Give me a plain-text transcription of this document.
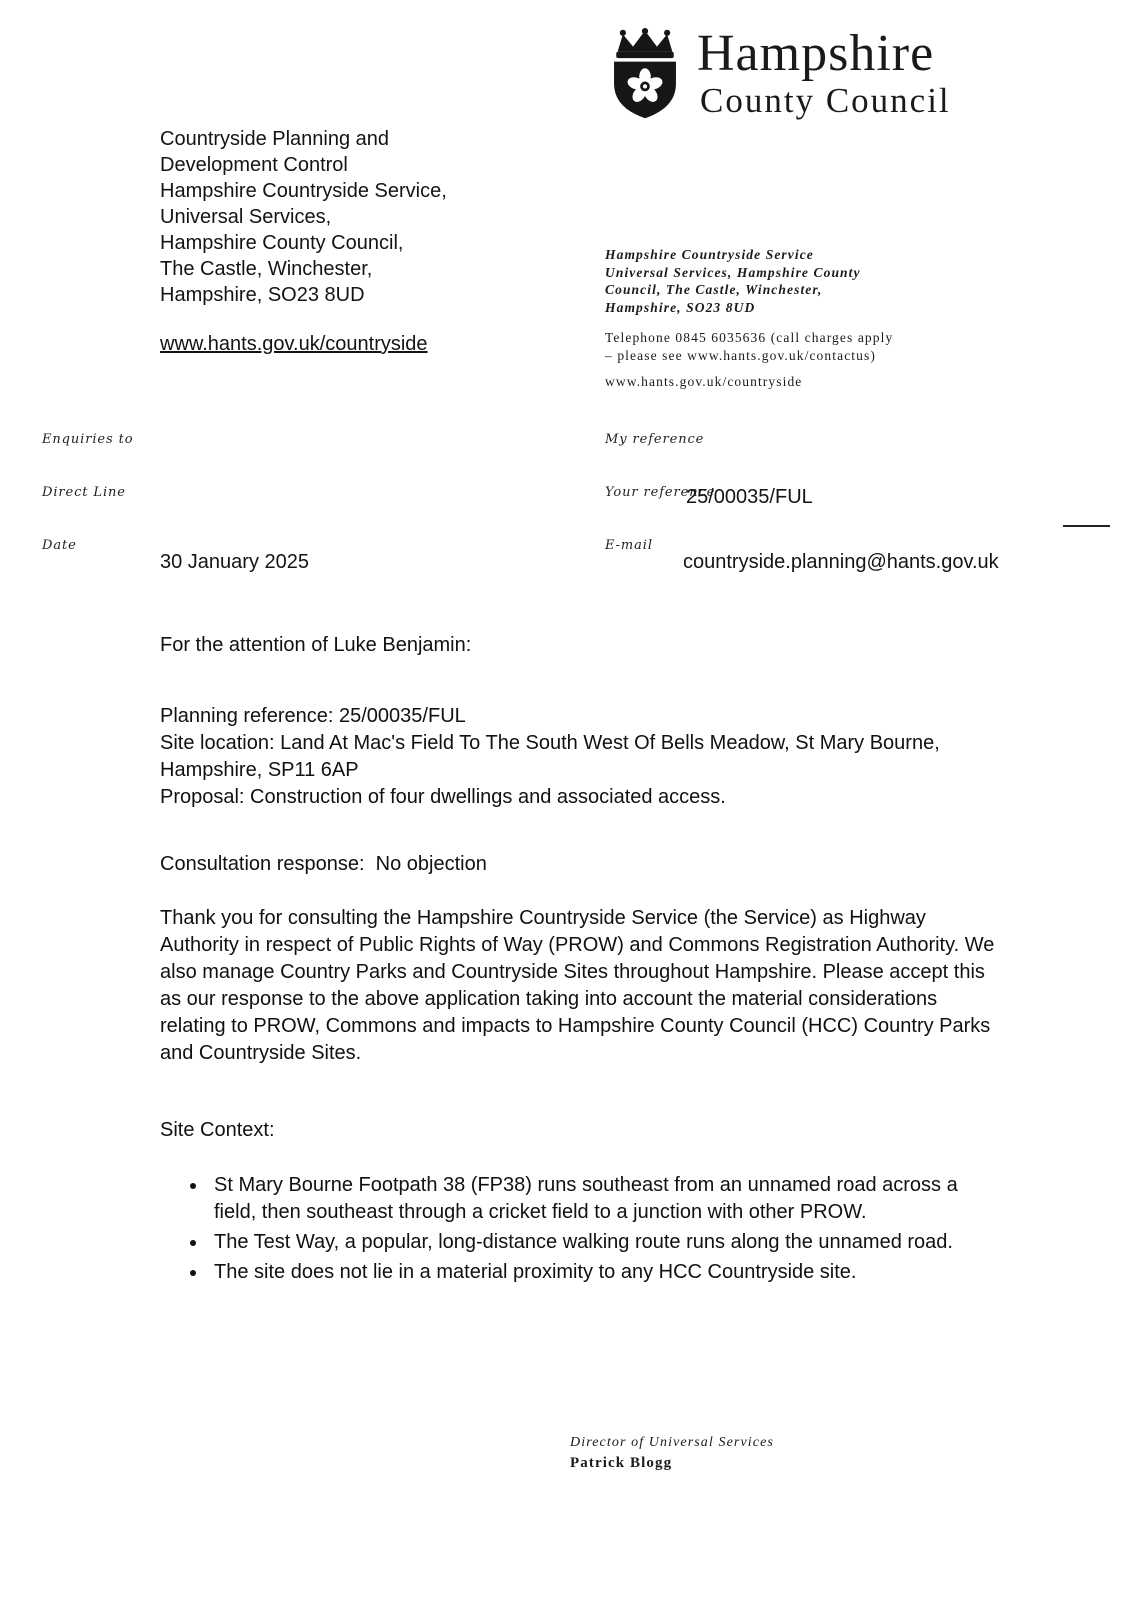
Hampshire
County Council
Countryside Planning and
Development Control
Hampshire Countryside Service,
Universal Services,
Hampshire County Council,
The Castle, Winchester,
Hampshire, SO23 8UD
www.hants.gov.uk/countryside
Hampshire Countryside Service
Universal Services, Hampshire County
Council, The Castle, Winchester,
Hampshire, SO23 8UD
Telephone 0845 6035636 (call charges apply
– please see www.hants.gov.uk/contactus)
www.hants.gov.uk/countryside
Enquiries to
Direct Line
Date
My reference
Your reference
E-mail
25/00035/FUL
30 January 2025	countryside.planning@hants.gov.uk

For the attention of Luke Benjamin:

Planning reference: 25/00035/FUL

Site location: Land At Mac's Field To The South West Of Bells Meadow, St Mary Bourne, Hampshire, SP11 6AP

Proposal: Construction of four dwellings and associated access.

Consultation response:  No objection

Thank you for consulting the Hampshire Countryside Service (the Service) as Highway Authority in respect of Public Rights of Way (PROW) and Commons Registration Authority. We also manage Country Parks and Countryside Sites throughout Hampshire. Please accept this as our response to the above application taking into account the material considerations relating to PROW, Commons and impacts to Hampshire County Council (HCC) Country Parks and Countryside Sites.

Site Context:

• St Mary Bourne Footpath 38 (FP38) runs southeast from an unnamed road across a field, then southeast through a cricket field to a junction with other PROW.
• The Test Way, a popular, long-distance walking route runs along the unnamed road.
• The site does not lie in a material proximity to any HCC Countryside site.
Director of Universal Services
Patrick Blogg
